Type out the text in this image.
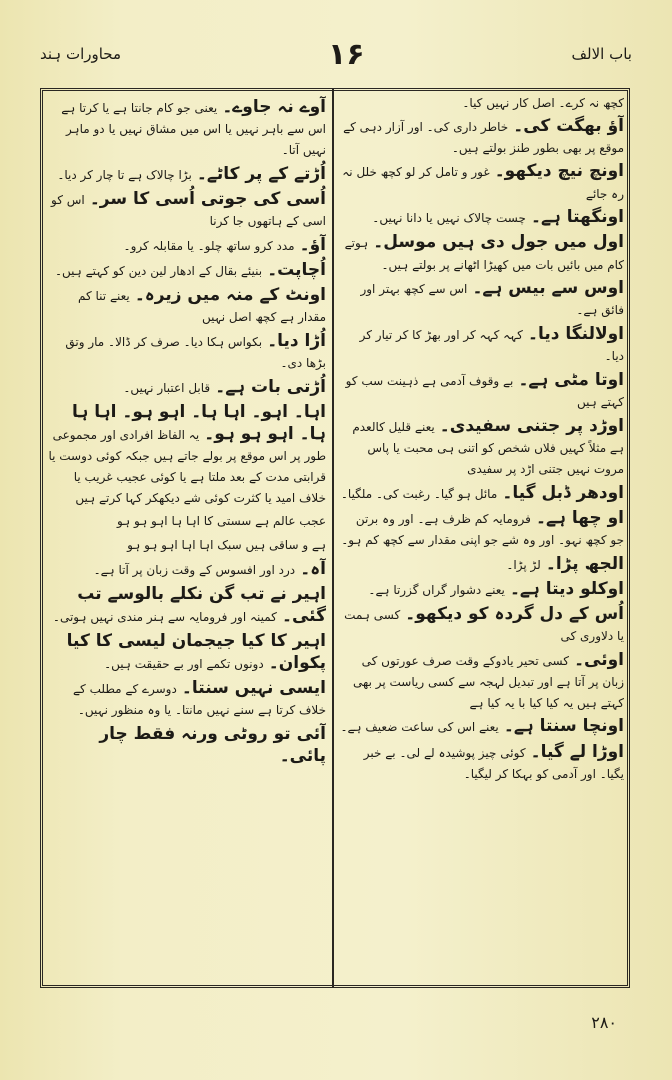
محاورات ہند	۱۶	باب الالف
کچھ نہ کرے۔ اصل کار نہیں کیا۔
آؤ بھگت کی۔ خاطر داری کی۔ اور آزار دہی کے موقع پر بھی بطور طنز بولتے ہیں۔
اونچ نیچ دیکھو۔ غور و تامل کر لو کچھ خلل نہ رہ جائے
اونگھتا ہے۔ چست چالاک نہیں یا دانا نہیں۔
اول میں جول دی ہیں موسل۔ ہوتے کام میں بائیں بات میں کھیڑا اٹھانے پر بولتے ہیں۔
اوس سے بیس ہے۔ اس سے کچھ بہتر اور فائق ہے۔
اولالنگا دیا۔ کہہ کہہ کر اور بھڑ کا کر تیار کر دیا۔
اوتا مٹی ہے۔ بے وقوف آدمی ہے ذہینت سب کو کہتے ہیں
اوڑد پر جتنی سفیدی۔ یعنے قلیل کالعدم ہے مثلاً کہیں فلاں شخص کو اتنی ہی محبت یا پاس مروت نہیں جتنی اڑد پر سفیدی
اودھر ڈبل گیا۔ مائل ہو گیا۔ رغبت کی۔ ملگیا۔
او چھا ہے۔ فرومایہ کم ظرف ہے۔ اور وہ برتن جو کچھ نہو۔ اور وہ شے جو اپنی مقدار سے کچھ کم ہو۔
الجھ پڑا۔ لڑ پڑا۔
اوکلو دیتا ہے۔ یعنے دشوار گراں گزرتا ہے۔
اُس کے دل گردہ کو دیکھو۔ کسی ہمت یا دلاوری کی
اوئی۔ کسی تحیر یادوکے وقت صرف عورتوں کی زبان پر آتا ہے اور تبدیل لہجہ سے کسی ریاست پر بھی کہتے ہیں یہ کیا کیا با یہ کیا ہے
اونچا سنتا ہے۔ یعنے اس کی ساعت ضعیف ہے۔
اوڑا لے گیا۔ کوئی چیز پوشیدہ لے لی۔ بے خبر یگیا۔ اور آدمی کو بہکا کر لیگیا۔
آوے نہ جاوے۔ یعنی جو کام جانتا ہے یا کرتا ہے اس سے باہر نہیں یا اس میں مشاق نہیں یا دو ماہر نہیں آتا۔
اُڑتے کے پر کاٹے۔ بڑا چالاک ہے تا چار کر دیا۔
اُسی کی جوتی اُسی کا سر۔ اس کو اسی کے ہاتھوں جا کرنا
آؤ۔ مدد کرو ساتھ چلو۔ یا مقابلہ کرو۔
اُچاپت۔ بنیئے بقال کے ادھار لین دین کو کہتے ہیں۔
اونٹ کے منہ میں زیرہ۔ یعنے تنا کم مقدار ہے کچھ اصل نہیں
اُڑا دیا۔ بکواس ہکا دیا۔ صرف کر ڈالا۔ مار وتق بڑھا دی۔
اُڑتی بات ہے۔ قابل اعتبار نہیں۔
اہا۔ اہو۔ اہا ہا۔ اہو ہو۔ اہا ہا ہا۔ اہو ہو ہو۔ یہ الفاظ افرادی اور مجموعی طور پر اس موقع پر بولے جاتے ہیں جبکہ کوئی دوست یا قرابتی مدت کے بعد ملتا ہے یا کوئی عجیب غریب یا خلاف امید یا کثرت کوئی شے دیکھکر کہا کرتے ہیں
عجب عالم ہے سستی کا اہا ہا اہو ہو ہو
ہے و ساقی ہیں سبک اہا اہا اہو ہو ہو
آہ۔ درد اور افسوس کے وقت زبان پر آتا ہے۔
اہیر نے تب گن نکلے بالوسے تب گئی۔ کمینہ اور فرومایہ سے ہنر مندی نہیں ہوتی۔
اہیر کا کیا جیجمان لیسی کا کیا پکوان۔ دونوں تکمے اور بے حقیقت ہیں۔
ایسی نہیں سنتا۔ دوسرے کے مطلب کے خلاف کرتا ہے سنے نہیں مانتا۔ یا وہ منظور نہیں۔
آئی تو روٹی ورنہ فقط چار پائی۔
۲۸۰
